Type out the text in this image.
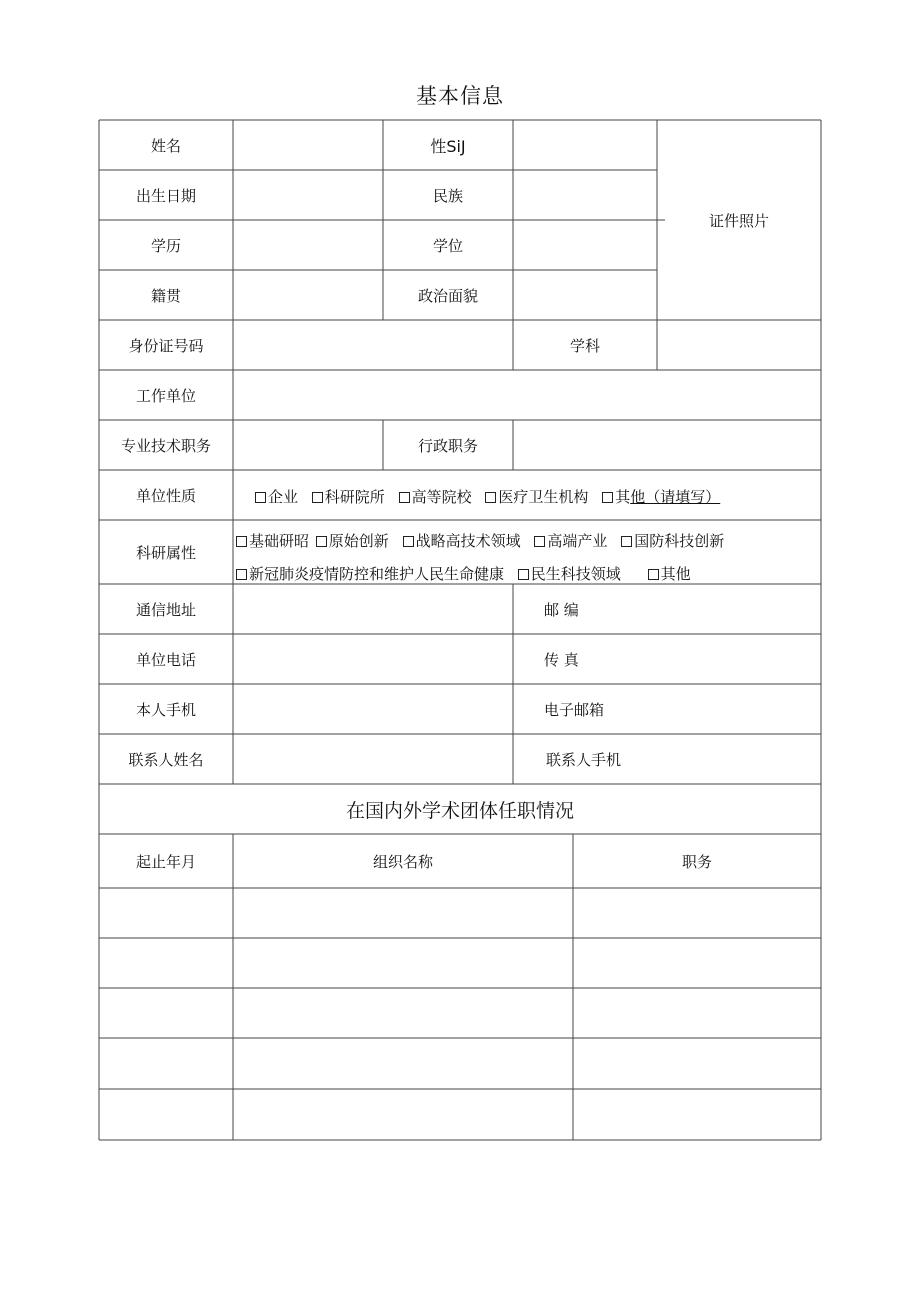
基本信息
姓名	性SiJ
证件照片
出生日期	民族
学历	学位
籍贯	政治面貌
身份证号码	学科
工作单位
专业技术职务	行政职务
单位性质	企业 科研院所 高等院校 医疗卫生机构 其他（请填写）
科研属性
基础研昭 原始创新 战略高技术领域 高端产业 国防科技创新
新冠肺炎疫情防控和维护人民生命健康 民生科技领域	其他
通信地址	邮 编
单位电话	传 真
本人手机	电子邮箱
联系人姓名	联系人手机
在国内外学术团体任职情况
起止年月	组织名称	职务
